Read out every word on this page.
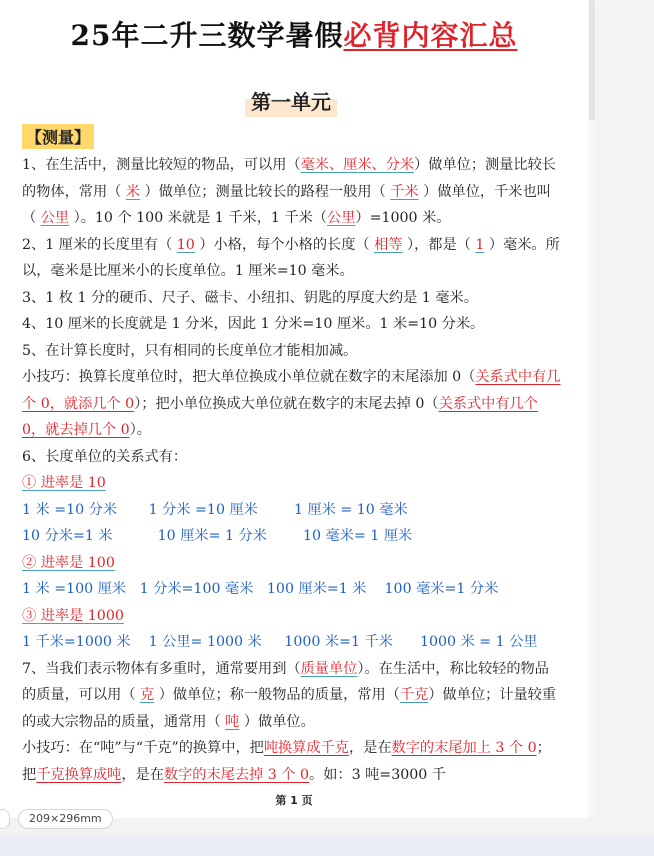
25年二升三数学暑假必背内容汇总
第一单元
【测量】

1、在生活中，测量比较短的物品，可以用（毫米、厘米、分米）做单位；测量比较长的物体，常用（ 米 ）做单位；测量比较长的路程一般用（ 千米 ）做单位，千米也叫（ 公里 ）。10 个 100 米就是 1 千米，1 千米（公里）=1000 米。

2、1 厘米的长度里有（ 10 ）小格，每个小格的长度（ 相等 ），都是（ 1 ）毫米。所以，毫米是比厘米小的长度单位。1 厘米=10 毫米。

3、1 枚 1 分的硬币、尺子、磁卡、小纽扣、钥匙的厚度大约是 1 毫米。

4、10 厘米的长度就是 1 分米，因此 1 分米=10 厘米。1 米=10 分米。

5、在计算长度时，只有相同的长度单位才能相加减。

小技巧：换算长度单位时，把大单位换成小单位就在数字的末尾添加 0（关系式中有几个 0，就添几个 0）；把小单位换成大单位就在数字的末尾去掉 0（关系式中有几个 0，就去掉几个 0）。

6、长度单位的关系式有：

① 进率是 10

1 米 =10 分米       1 分米 =10 厘米        1 厘米 = 10 毫米

10 分米=1 米          10 厘米= 1 分米        10 毫米= 1 厘米

② 进率是 100

1 米 =100 厘米   1 分米=100 毫米   100 厘米=1 米    100 毫米=1 分米

③ 进率是 1000

1 千米=1000 米    1 公里= 1000 米     1000 米=1 千米      1000 米 = 1 公里

7、当我们表示物体有多重时，通常要用到（质量单位）。在生活中，称比较轻的物品的质量，可以用（ 克 ）做单位；称一般物品的质量，常用（千克）做单位；计量较重的或大宗物品的质量，通常用（ 吨 ）做单位。

小技巧：在“吨”与“千克”的换算中，把吨换算成千克，是在数字的末尾加上 3 个 0；把千克换算成吨，是在数字的末尾去掉 3 个 0。如：3 吨=3000 千

第 1 页
209×296mm
